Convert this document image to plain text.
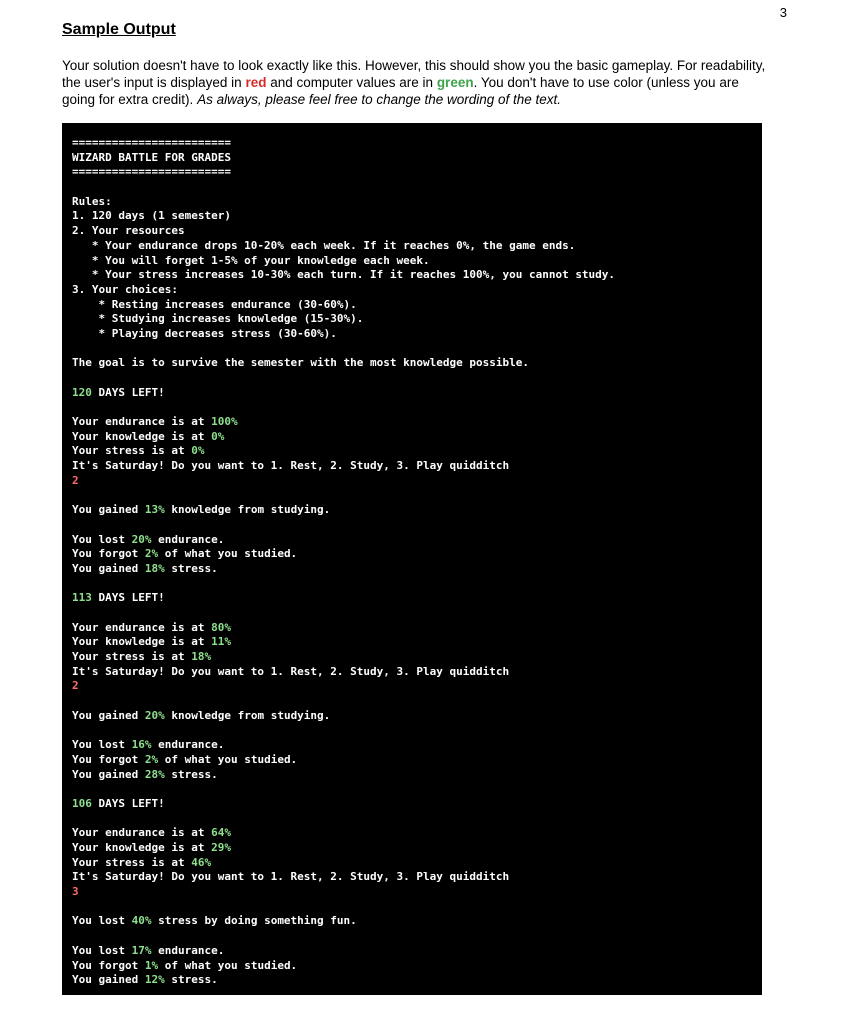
3
Sample Output

Your solution doesn't have to look exactly like this. However, this should show you the basic gameplay. For readability, the user's input is displayed in red and computer values are in green. You don't have to use color (unless you are going for extra credit). As always, please feel free to change the wording of the text.

========================
WIZARD BATTLE FOR GRADES
========================
Rules:
1. 120 days (1 semester)
2. Your resources
* Your endurance drops 10-20% each week. If it reaches 0%, the game ends.
* You will forget 1-5% of your knowledge each week.
* Your stress increases 10-30% each turn. If it reaches 100%, you cannot study.
3. Your choices:
* Resting increases endurance (30-60%).
* Studying increases knowledge (15-30%).
* Playing decreases stress (30-60%).
The goal is to survive the semester with the most knowledge possible.
120 DAYS LEFT!
Your endurance is at 100%
Your knowledge is at 0%
Your stress is at 0%
It's Saturday! Do you want to 1. Rest, 2. Study, 3. Play quidditch
2
You gained 13% knowledge from studying.
You lost 20% endurance.
You forgot 2% of what you studied.
You gained 18% stress.
113 DAYS LEFT!
Your endurance is at 80%
Your knowledge is at 11%
Your stress is at 18%
It's Saturday! Do you want to 1. Rest, 2. Study, 3. Play quidditch
2
You gained 20% knowledge from studying.
You lost 16% endurance.
You forgot 2% of what you studied.
You gained 28% stress.
106 DAYS LEFT!
Your endurance is at 64%
Your knowledge is at 29%
Your stress is at 46%
It's Saturday! Do you want to 1. Rest, 2. Study, 3. Play quidditch
3
You lost 40% stress by doing something fun.
You lost 17% endurance.
You forgot 1% of what you studied.
You gained 12% stress.
